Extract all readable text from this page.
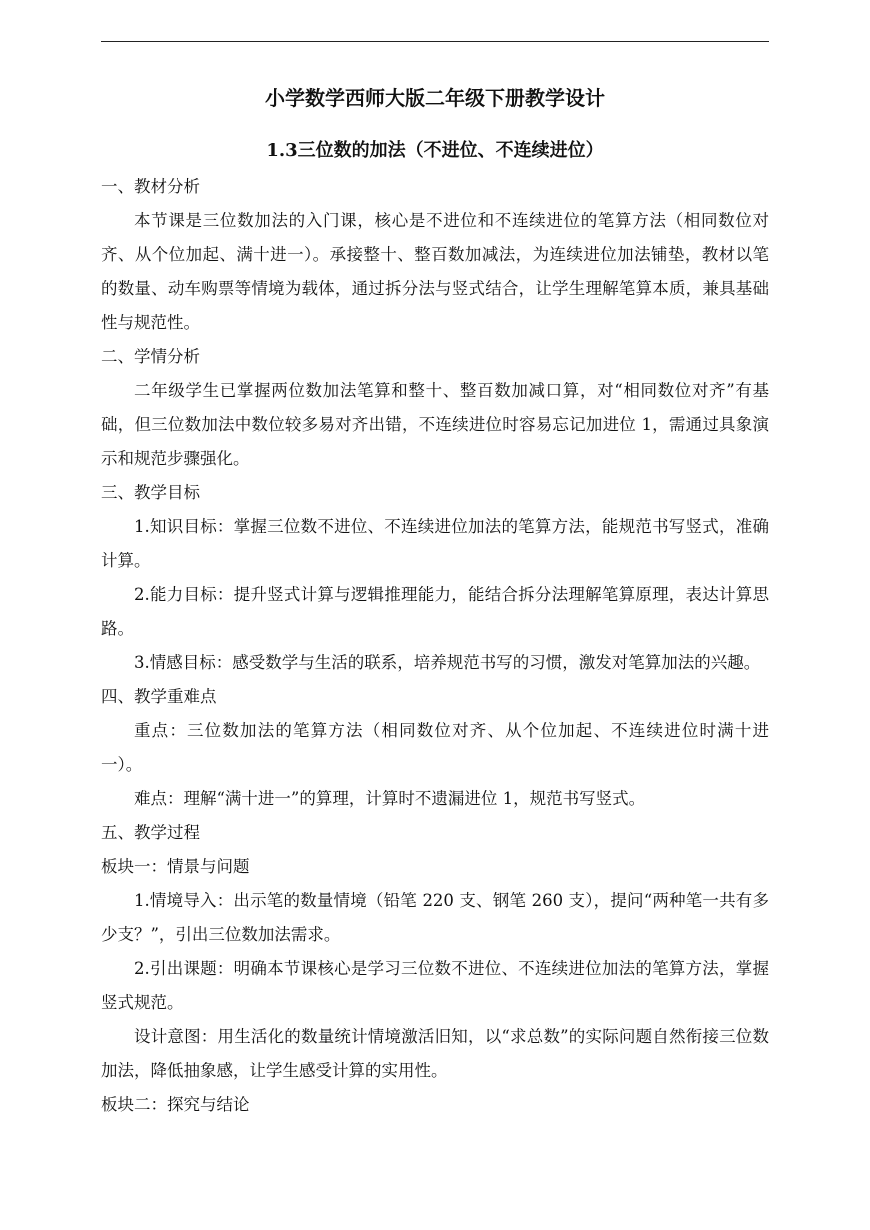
小学数学西师大版二年级下册教学设计
1.3三位数的加法（不进位、不连续进位）
一、教材分析
本节课是三位数加法的入门课，核心是不进位和不连续进位的笔算方法（相同数位对齐、从个位加起、满十进一）。承接整十、整百数加减法，为连续进位加法铺垫，教材以笔的数量、动车购票等情境为载体，通过拆分法与竖式结合，让学生理解笔算本质，兼具基础性与规范性。
二、学情分析
二年级学生已掌握两位数加法笔算和整十、整百数加减口算，对“相同数位对齐”有基础，但三位数加法中数位较多易对齐出错，不连续进位时容易忘记加进位 1，需通过具象演示和规范步骤强化。
三、教学目标
1.知识目标：掌握三位数不进位、不连续进位加法的笔算方法，能规范书写竖式，准确计算。
2.能力目标：提升竖式计算与逻辑推理能力，能结合拆分法理解笔算原理，表达计算思路。
3.情感目标：感受数学与生活的联系，培养规范书写的习惯，激发对笔算加法的兴趣。
四、教学重难点
重点：三位数加法的笔算方法（相同数位对齐、从个位加起、不连续进位时满十进一）。
难点：理解“满十进一”的算理，计算时不遗漏进位 1，规范书写竖式。
五、教学过程
板块一：情景与问题
1.情境导入：出示笔的数量情境（铅笔 220 支、钢笔 260 支），提问“两种笔一共有多少支？”，引出三位数加法需求。
2.引出课题：明确本节课核心是学习三位数不进位、不连续进位加法的笔算方法，掌握竖式规范。
设计意图：用生活化的数量统计情境激活旧知，以“求总数”的实际问题自然衔接三位数加法，降低抽象感，让学生感受计算的实用性。
板块二：探究与结论
